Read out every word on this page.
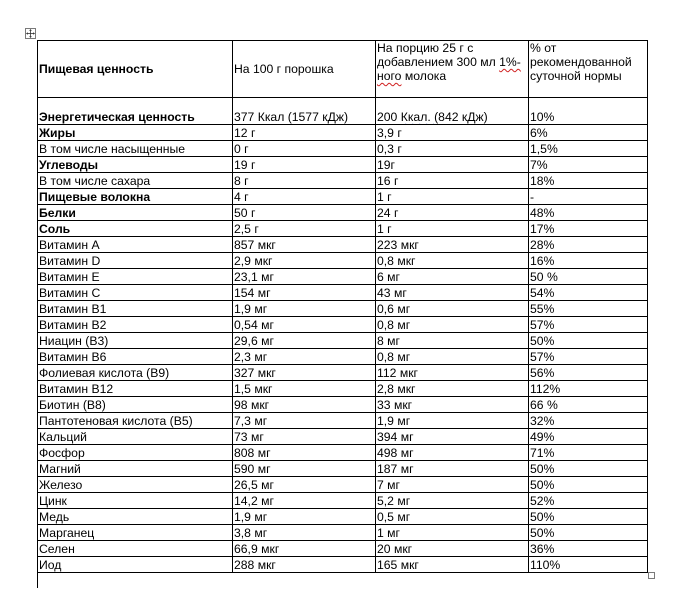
Пищевая ценность	На 100 г порошка	На порцию 25 г с добавлением 300 мл 1%-ного молока	% от рекомендованной суточной нормы
Энергетическая ценность	377 Ккал (1577 кДж)	200 Ккал. (842 кДж)	10%
Жиры	12 г	3,9 г	6%
В том числе насыщенные	0 г	0,3 г	1,5%
Углеводы	19 г	19г	7%
В том числе сахара	8 г	16 г	18%
Пищевые волокна	4 г	1 г	-
Белки	50 г	24 г	48%
Соль	2,5 г	1 г	17%
Витамин А	857 мкг	223 мкг	28%
Витамин D	2,9 мкг	0,8 мкг	16%
Витамин Е	23,1 мг	6 мг	50 %
Витамин С	154 мг	43 мг	54%
Витамин В1	1,9 мг	0,6 мг	55%
Витамин В2	0,54 мг	0,8 мг	57%
Ниацин (В3)	29,6 мг	8 мг	50%
Витамин В6	2,3 мг	0,8 мг	57%
Фолиевая кислота (В9)	327 мкг	112 мкг	56%
Витамин В12	1,5 мкг	2,8 мкг	112%
Биотин (В8)	98 мкг	33 мкг	66 %
Пантотеновая кислота (В5)	7,3 мг	1,9 мг	32%
Кальций	73 мг	394 мг	49%
Фосфор	808 мг	498 мг	71%
Магний	590 мг	187 мг	50%
Железо	26,5 мг	7 мг	50%
Цинк	14,2 мг	5,2 мг	52%
Медь	1,9 мг	0,5 мг	50%
Марганец	3,8 мг	1 мг	50%
Селен	66,9 мкг	20 мкг	36%
Иод	288 мкг	165 мкг	110%
